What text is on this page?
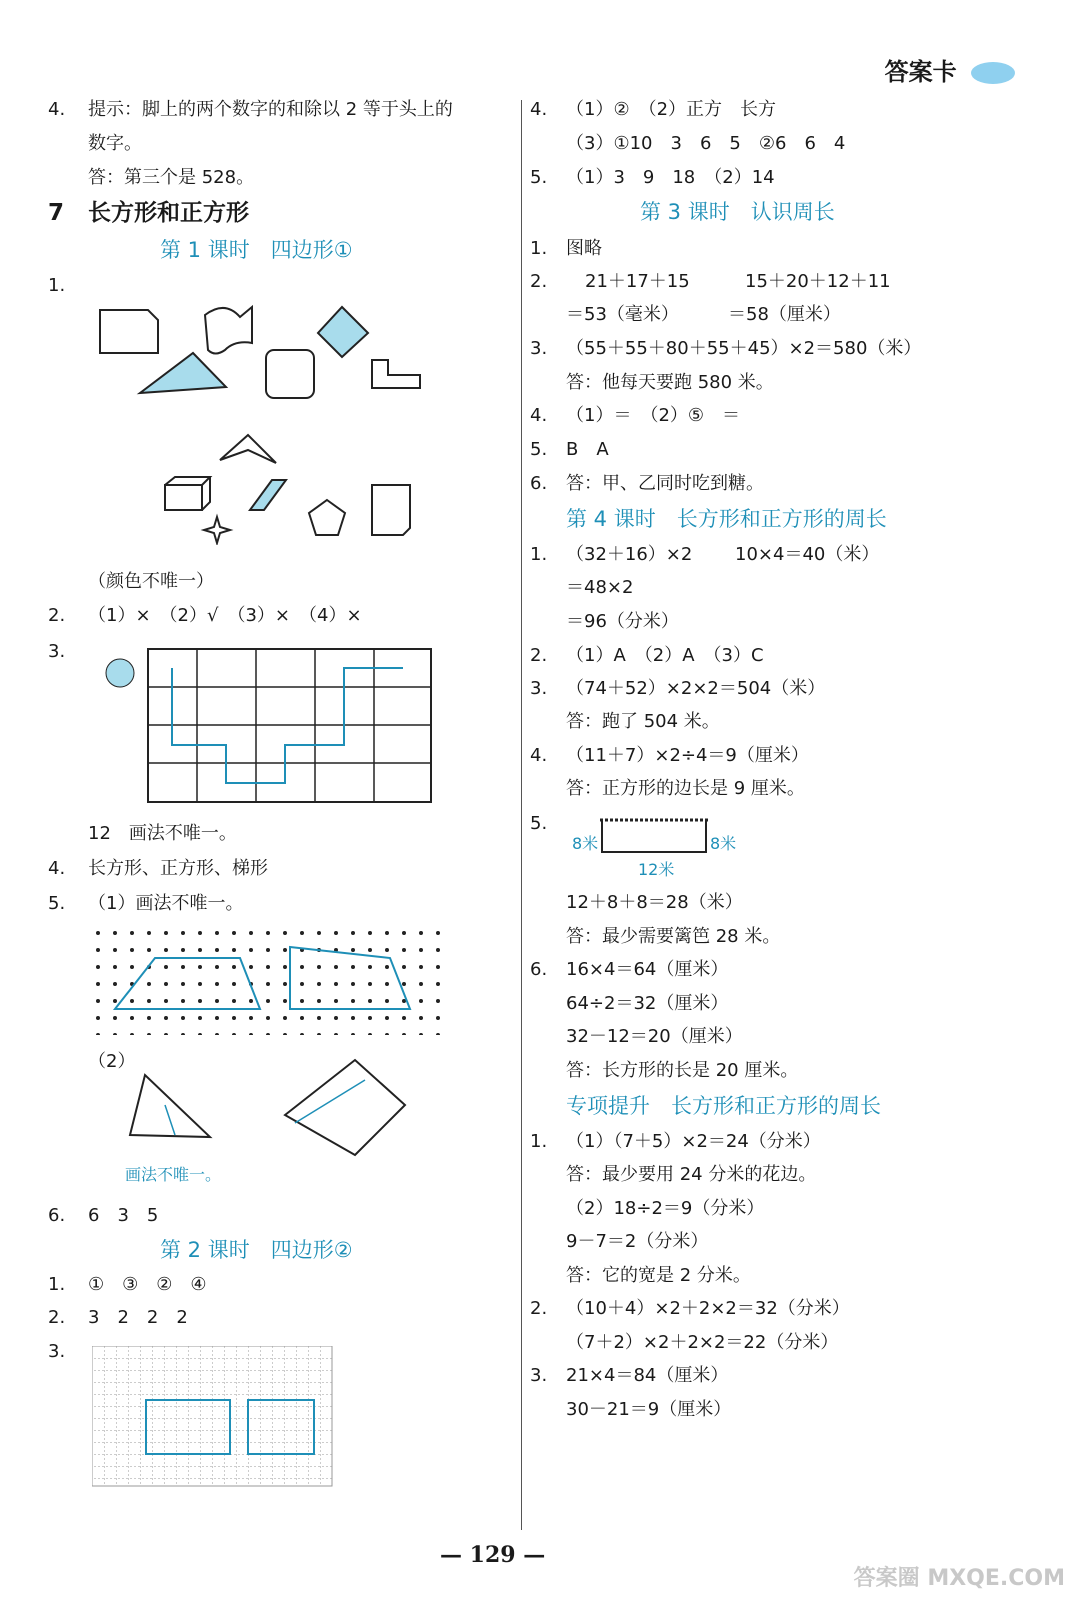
答案卡
4. 提示：脚上的两个数字的和除以 2 等于头上的
数字。
答：第三个是 528。
7 长方形和正方形
第 1 课时　四边形①
1.
（颜色不唯一）
2. （1）×　（2）√　（3）×　（4）×
3.
12　画法不唯一。
4. 长方形、正方形、梯形
5. （1）画法不唯一。
（2）
画法不唯一。
6. 6　3　5
第 2 课时　四边形②
1. ①　③　②　④
2. 3　2　2　2
3.
4. （1）②　（2）正方　长方
（3）①10　3　6　5　②6　6　4
5. （1）3　9　18　（2）14
第 3 课时　认识周长
1. 图略
2. 21＋17＋15	15＋20＋12＋11
＝53（毫米）	＝58（厘米）
3. （55＋55＋80＋55＋45）×2＝580（米）
答：他每天要跑 580 米。
4. （1）＝　（2）⑤　＝
5. B　A
6. 答：甲、乙同时吃到糖。
第 4 课时　长方形和正方形的周长
1. （32＋16）×2 10×4＝40（米）
＝48×2
＝96（分米）
2. （1）A　（2）A　（3）C
3. （74＋52）×2×2＝504（米）
答：跑了 504 米。
4. （11＋7）×2÷4＝9（厘米）
答：正方形的边长是 9 厘米。
5.
8米	8米
12米
12＋8＋8＝28（米）
答：最少需要篱笆 28 米。
6. 16×4＝64（厘米）
64÷2＝32（厘米）
32－12＝20（厘米）
答：长方形的长是 20 厘米。
专项提升　长方形和正方形的周长
1. （1）（7＋5）×2＝24（分米）
答：最少要用 24 分米的花边。
（2）18÷2＝9（分米）
9－7＝2（分米）
答：它的宽是 2 分米。
2. （10＋4）×2＋2×2＝32（分米）
（7＋2）×2＋2×2＝22（分米）
3. 21×4＝84（厘米）
30－21＝9（厘米）
— 129 —
答案圈 MXQE.COM
